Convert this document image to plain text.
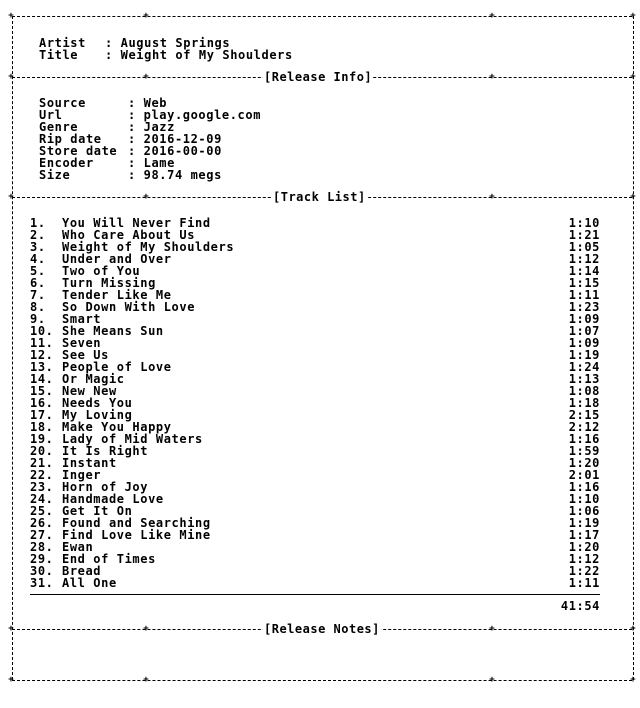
+	+	+	+
Artist : August Springs
Title : Weight of My Shoulders
+	+	[Release Info]	+	+
Source	: Web
Url	: play.google.com
Genre	: Jazz
Rip date : 2016-12-09
Store date : 2016-00-00
Encoder	: Lame
Size	: 98.74 megs
+	+	[Track List]	+	+
1. You Will Never Find	1:10
2. Who Care About Us	1:21
3. Weight of My Shoulders	1:05
4. Under and Over	1:12
5. Two of You	1:14
6. Turn Missing	1:15
7. Tender Like Me	1:11
8. So Down With Love	1:23
9. Smart	1:09
10. She Means Sun	1:07
11. Seven	1:09
12. See Us	1:19
13. People of Love	1:24
14. Or Magic	1:13
15. New New	1:08
16. Needs You	1:18
17. My Loving	2:15
18. Make You Happy	2:12
19. Lady of Mid Waters	1:16
20. It Is Right	1:59
21. Instant	1:20
22. Inger	2:01
23. Horn of Joy	1:16
24. Handmade Love	1:10
25. Get It On	1:06
26. Found and Searching	1:19
27. Find Love Like Mine	1:17
28. Ewan	1:20
29. End of Times	1:12
30. Bread	1:22
31. All One	1:11
41:54
+	+	[Release Notes]	+	+
+	+	+	+
